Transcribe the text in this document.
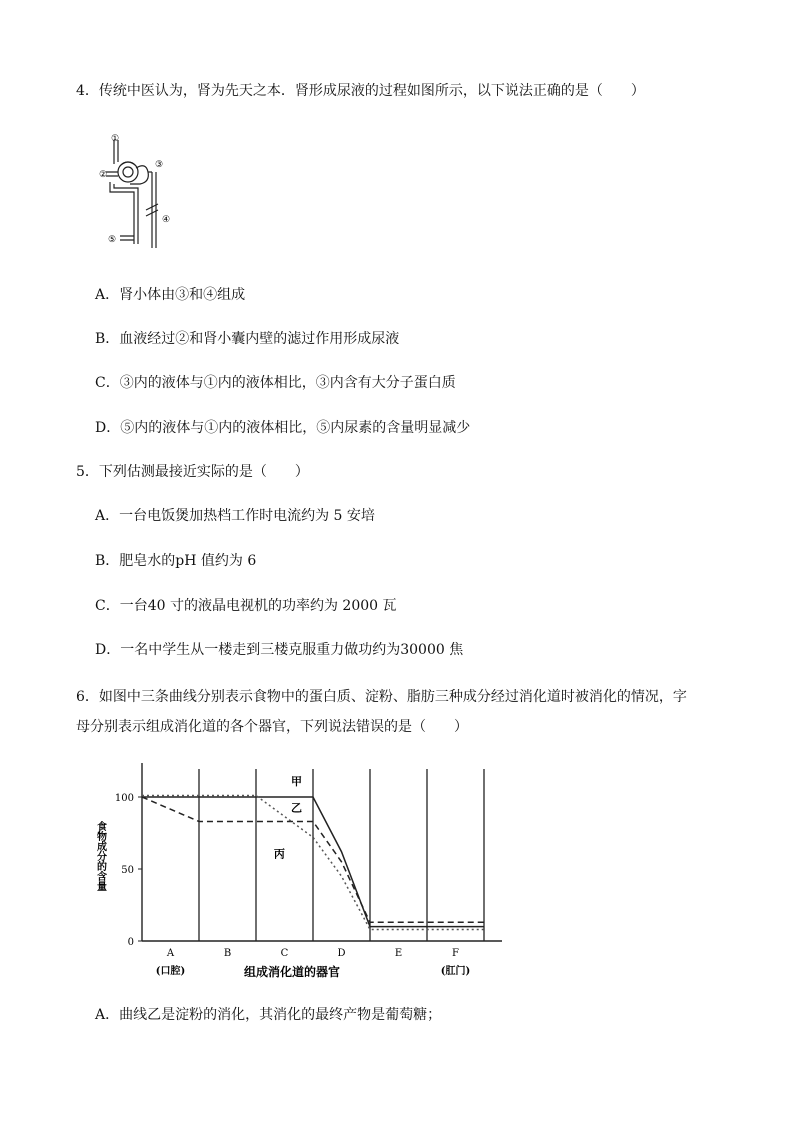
4．传统中医认为，肾为先天之本．肾形成尿液的过程如图所示，以下说法正确的是（　　）
①
②
③
④
⑤
A．肾小体由③和④组成
B．血液经过②和肾小囊内壁的滤过作用形成尿液
C．③内的液体与①内的液体相比，③内含有大分子蛋白质
D．⑤内的液体与①内的液体相比，⑤内尿素的含量明显减少
5．下列估测最接近实际的是（　　）
A．一台电饭煲加热档工作时电流约为 5 安培
B．肥皂水的pH 值约为 6
C．一台40 寸的液晶电视机的功率约为 2000 瓦
D．一名中学生从一楼走到三楼克服重力做功约为30000 焦
6．如图中三条曲线分别表示食物中的蛋白质、淀粉、脂肪三种成分经过消化道时被消化的情况，字
母分别表示组成消化道的各个器官，下列说法错误的是（　　）
0
50
100
A
(口腔)
B	C	D	E	F
(肛门)
甲
乙
丙
食物成分的含量
组成消化道的器官
A．曲线乙是淀粉的消化，其消化的最终产物是葡萄糖；
